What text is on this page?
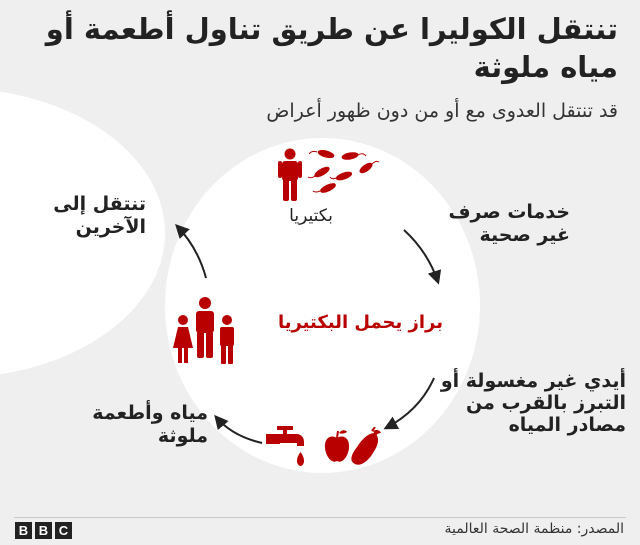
تنتقل الكوليرا عن طريق تناول أطعمة أو مياه ملوثة
قد تنتقل العدوى مع أو من دون ظهور أعراض
بكتيريا	خدمات صرف غير صحية
براز يحمل البكتيريا
أيدي غير مغسولة أو التبرز بالقرب من مصادر المياه
مياه وأطعمة ملوثة
تنتقل إلى الآخرين
B B C	المصدر: منظمة الصحة العالمية
